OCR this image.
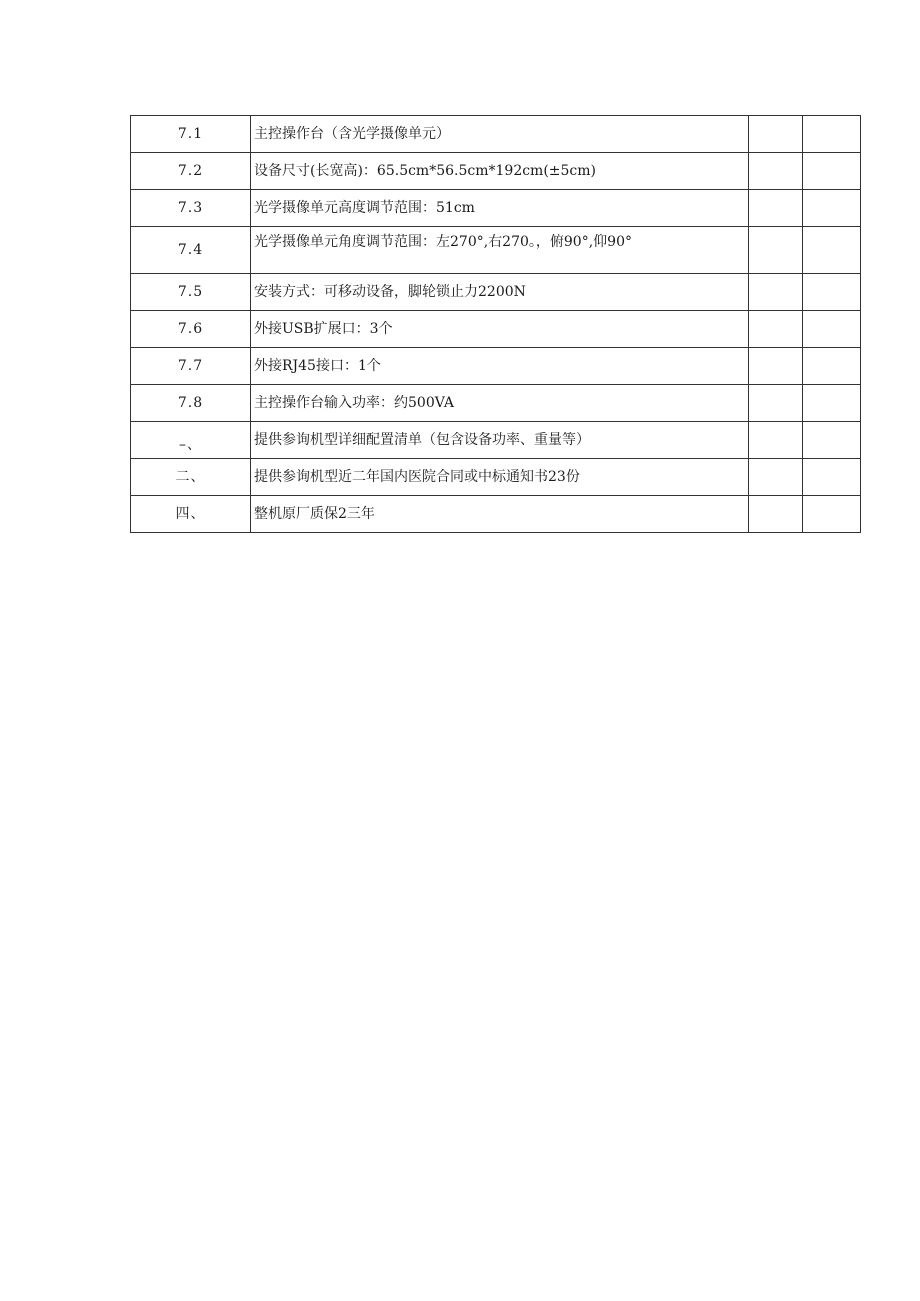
7.1	主控操作台（含光学摄像单元）		
7.2	设备尺寸(长宽高)：65.5cm*56.5cm*192cm(±5cm)		
7.3	光学摄像单元高度调节范围：51cm		
7.4	光学摄像单元角度调节范围：左270°,右270。，俯90°,仰90°		
7.5	安装方式：可移动设备，脚轮锁止力2200N		
7.6	外接USB扩展口：3个		
7.7	外接RJ45接口：1个		
7.8	主控操作台输入功率：约500VA		
–、	提供参询机型详细配置清单（包含设备功率、重量等）		
二、	提供参询机型近二年国内医院合同或中标通知书23份		
四、	整机原厂质保2三年		
